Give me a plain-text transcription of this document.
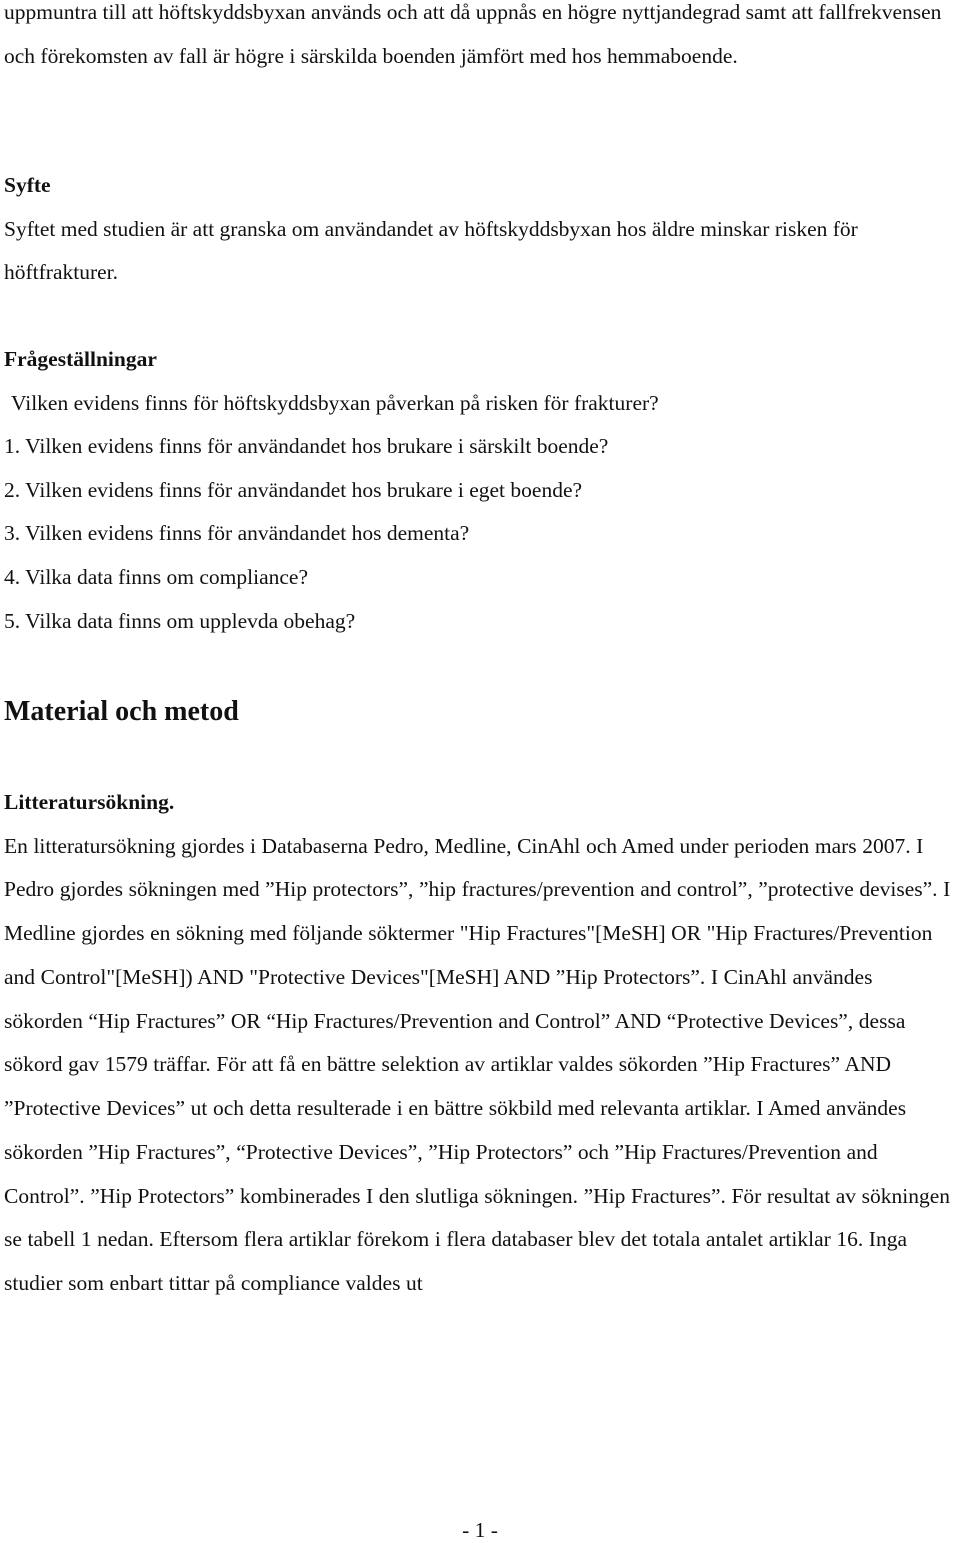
uppmuntra till att höftskyddsbyxan används och att då uppnås en högre nyttjandegrad samt att fallfrekvensen och förekomsten av fall är högre i särskilda boenden jämfört med hos hemmaboende.

Syfte

Syftet med studien är att granska om användandet av höftskyddsbyxan hos äldre minskar risken för höftfrakturer.

Frågeställningar

Vilken evidens finns för höftskyddsbyxan påverkan på risken för frakturer?
1. Vilken evidens finns för användandet hos brukare i särskilt boende?
2. Vilken evidens finns för användandet hos brukare i eget boende?
3. Vilken evidens finns för användandet hos dementa?
4. Vilka data finns om compliance?
5. Vilka data finns om upplevda obehag?
Material och metod

Litteratursökning.

En litteratursökning gjordes i Databaserna Pedro, Medline, CinAhl och Amed under perioden mars 2007. I Pedro gjordes sökningen med ”Hip protectors”, ”hip fractures/prevention and control”, ”protective devises”. I Medline gjordes en sökning med följande söktermer "Hip Fractures"[MeSH] OR "Hip Fractures/Prevention and Control"[MeSH]) AND "Protective Devices"[MeSH] AND ”Hip Protectors”. I CinAhl användes sökorden “Hip Fractures” OR “Hip Fractures/Prevention and Control” AND “Protective Devices”, dessa sökord gav 1579 träffar. För att få en bättre selektion av artiklar valdes sökorden ”Hip Fractures” AND ”Protective Devices” ut och detta resulterade i en bättre sökbild med relevanta artiklar. I Amed användes sökorden ”Hip Fractures”, “Protective Devices”, ”Hip Protectors” och ”Hip Fractures/Prevention and Control”. ”Hip Protectors” kombinerades I den slutliga sökningen. ”Hip Fractures”. För resultat av sökningen se tabell 1 nedan. Eftersom flera artiklar förekom i flera databaser blev det totala antalet artiklar 16. Inga studier som enbart tittar på compliance valdes ut

- 1 -
